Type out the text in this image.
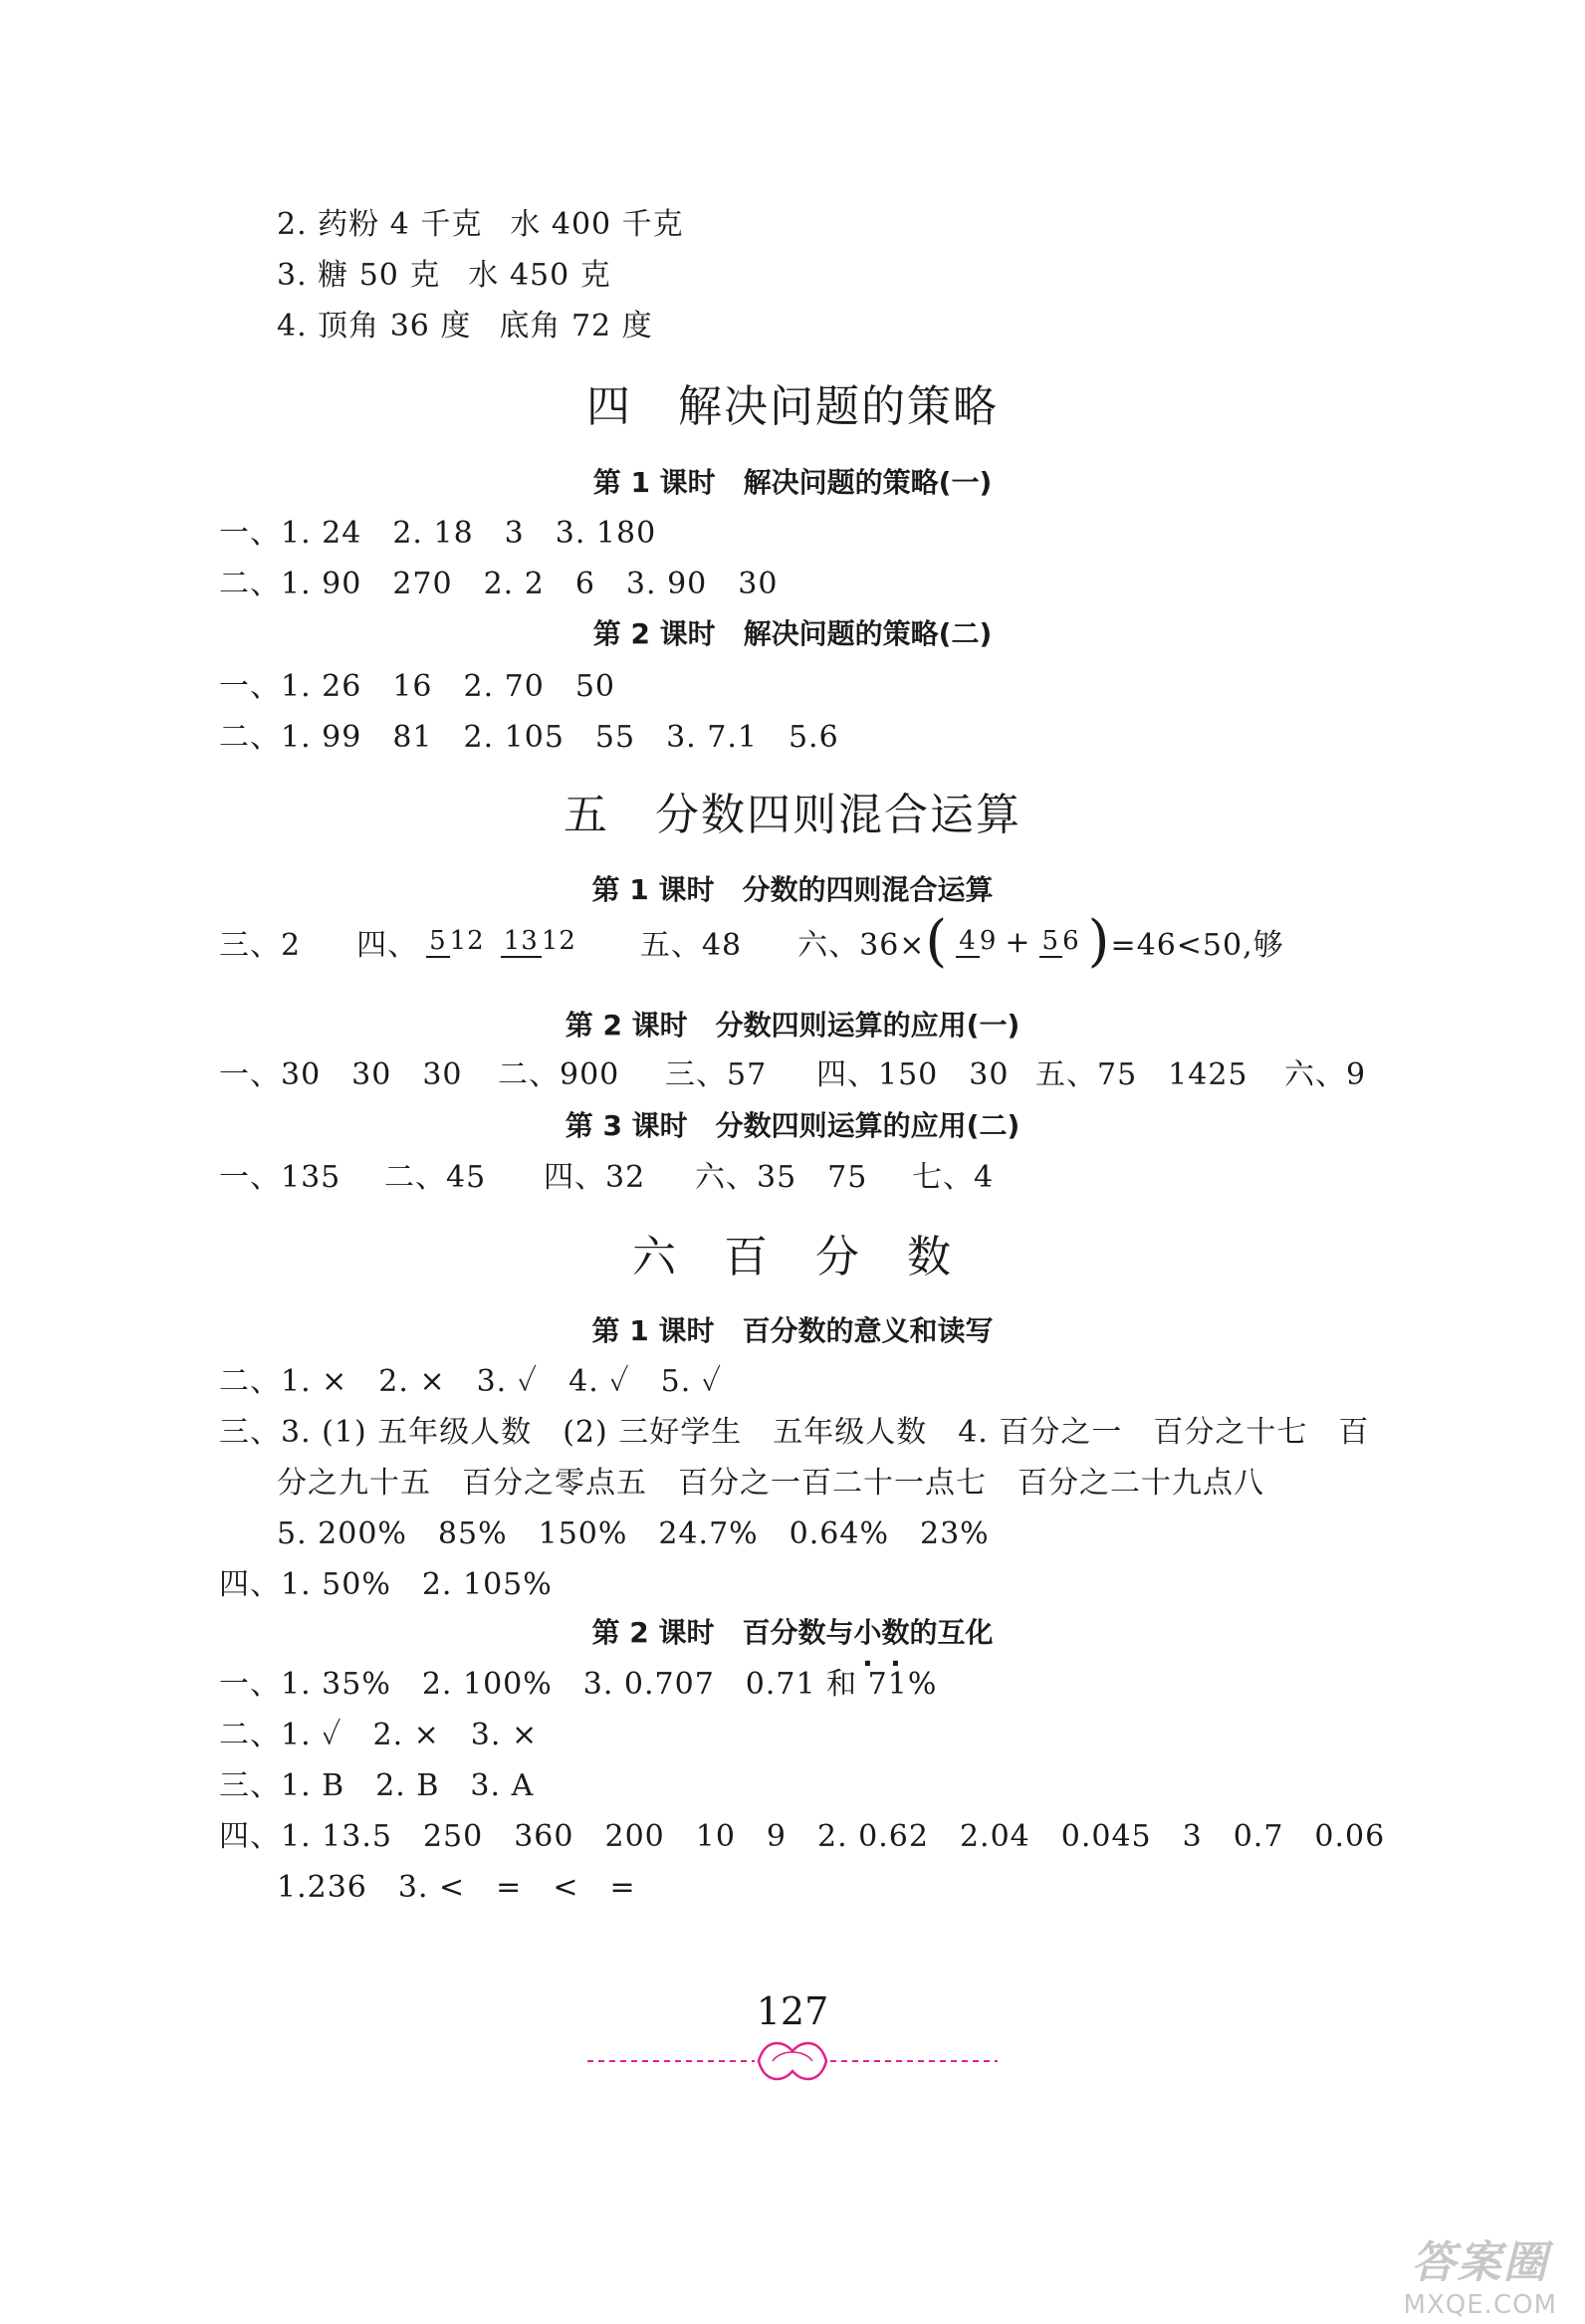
2. 药粉 4 千克 水 400 千克
3. 糖 50 克 水 450 克
4. 顶角 36 度 底角 72 度
四　解决问题的策略
第 1 课时　解决问题的策略(一)
一、1. 24　2. 18　3　3. 180
二、1. 90　270　2. 2　6　3. 90　30
第 2 课时　解决问题的策略(二)
一、1. 26　16　2. 70　50
二、1. 99　81　2. 105　55　3. 7.1　5.6
五　分数四则混合运算
第 1 课时　分数的四则混合运算
三、2 四、 5 12 13 12 五、48 六、36× ( 4 9 + 5 6 ) =46<50,够
第 2 课时　分数四则运算的应用(一)
一、30　30　30 二、900 三、57 四、150　30 五、75　1425 六、9
第 3 课时　分数四则运算的应用(二)
一、135 二、45 四、32 六、35　75 七、4
六　百　分　数
第 1 课时　百分数的意义和读写
二、1. ×　2. ×　3. ✓　4. ✓　5. ✓
三、3. (1) 五年级人数　(2) 三好学生　五年级人数　4. 百分之一　百分之十七　百
分之九十五　百分之零点五　百分之一百二十一点七　百分之二十九点八
5. 200%　85%　150%　24.7%　0.64%　23%
四、1. 50%　2. 105%
第 2 课时　百分数与小数的互化
一、1. 35%　2. 100%　3. 0.707　0.71 和 71%
二、1. ✓　2. ×　3. ×
三、1. B　2. B　3. A
四、1. 13.5　250　360　200　10　9　2. 0.62　2.04　0.045　3　0.7　0.06
1.236　3. <　=　<　=
127
答案圈
MXQE.COM
